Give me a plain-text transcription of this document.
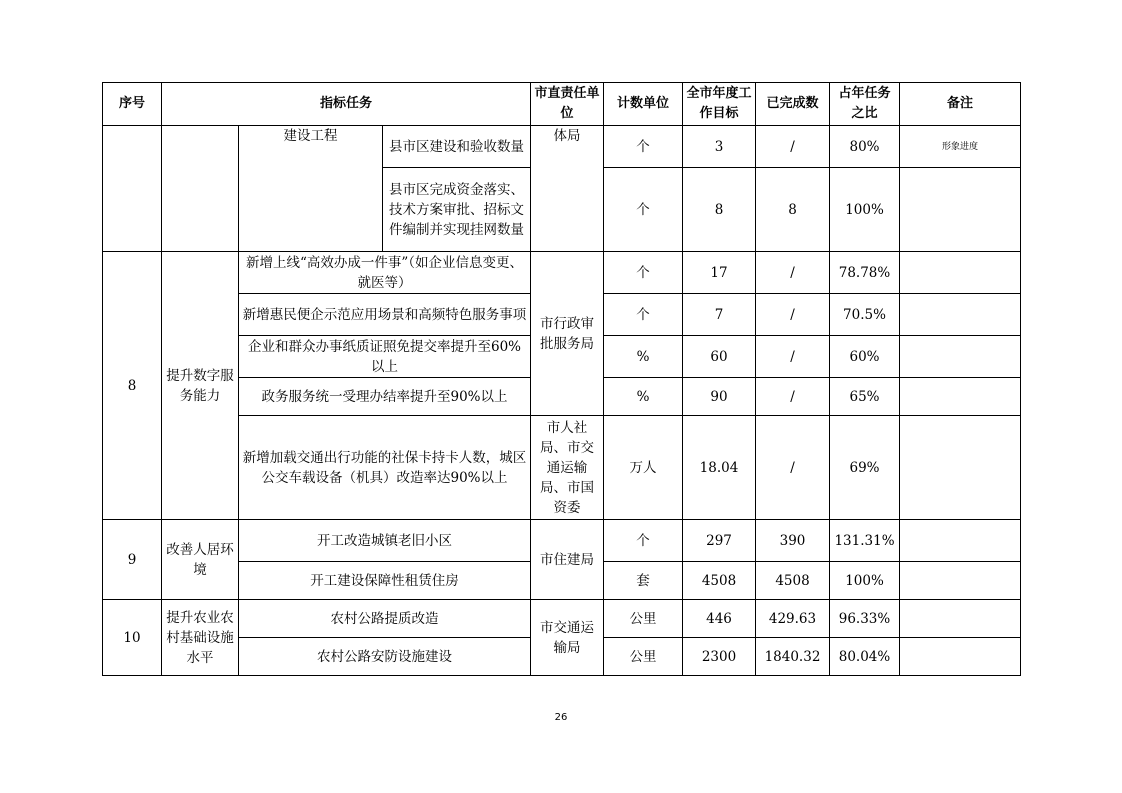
序号	指标任务			市直责任单位	计数单位	全市年度工作目标	已完成数	占年任务之比	备注
		建设工程	县市区建设和验收数量	体局	个	3	/	80%	形象进度
			县市区完成资金落实、技术方案审批、招标文件编制并实现挂网数量		个	8	8	100%	
8	提升数字服务能力	新增上线“高效办成一件事”（如企业信息变更、就医等）		市行政审批服务局	个	17	/	78.78%	
		新增惠民便企示范应用场景和高频特色服务事项			个	7	/	70.5%	
		企业和群众办事纸质证照免提交率提升至60%以上			%	60	/	60%	
		政务服务统一受理办结率提升至90%以上			%	90	/	65%	
		新增加载交通出行功能的社保卡持卡人数，城区公交车载设备（机具）改造率达90%以上		市人社局、市交通运输局、市国资委	万人	18.04	/	69%	
9	改善人居环境	开工改造城镇老旧小区		市住建局	个	297	390	131.31%	
		开工建设保障性租赁住房			套	4508	4508	100%	
10	提升农业农村基础设施水平	农村公路提质改造		市交通运输局	公里	446	429.63	96.33%	
		农村公路安防设施建设			公里	2300	1840.32	80.04%	
26
